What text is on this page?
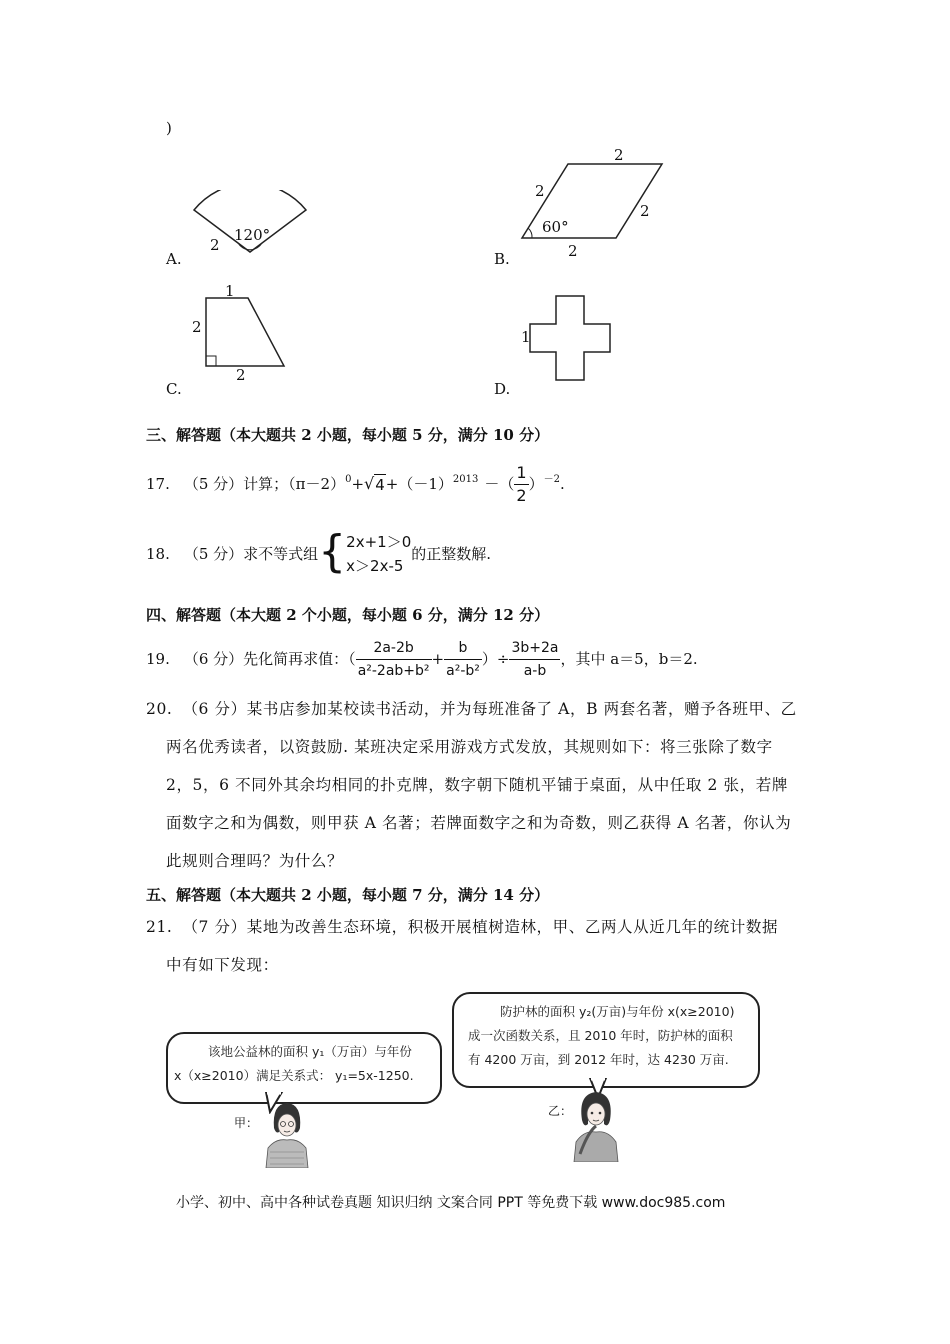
)
120°
2
A.
2
2
2
60°
2
B.
1
2
2
C.
1
D.
三、解答题（本大题共 2 小题，每小题 5 分，满分 10 分）
17. （5 分）计算；$(\pi-2)^0$ + √ $4 +(-1)^{2013}$ －（ $\frac{1}{2} )^{-2}$ .
18. （5 分）求不等式组 { 2x+1＞0
x＞2x-5
的正整数解.
四、解答题（本大题 2 个小题，每小题 6 分，满分 12 分）
19. （6 分）先化简再求值：（ $\frac{2a-2b}{\text{a²-2ab+b²}} + \frac{b}{\text{a²-b²}}$ ）÷ $\frac{3b+2a}{a-b}$ ，其中 a＝5，b＝2.
20. （6 分）某书店参加某校读书活动，并为每班准备了 A，B 两套名著，赠予各班甲、乙
两名优秀读者，以资鼓励. 某班决定采用游戏方式发放，其规则如下：将三张除了数字
2，5，6 不同外其余均相同的扑克牌，数字朝下随机平铺于桌面，从中任取 2 张，若牌
面数字之和为偶数，则甲获 A 名著；若牌面数字之和为奇数，则乙获得 A 名著，你认为
此规则合理吗？为什么？
五、解答题（本大题共 2 小题，每小题 7 分，满分 14 分）
21. （7 分）某地为改善生态环境，积极开展植树造林，甲、乙两人从近几年的统计数据
中有如下发现：
该地公益林的面积 y₁（万亩）与年份
x（x≥2010）满足关系式： y₁=5x-1250.
甲：
防护林的面积 y₂(万亩)与年份 x(x≥2010)
成一次函数关系，且 2010 年时，防护林的面积
有 4200 万亩，到 2012 年时，达 4230 万亩.
乙：
小学、初中、高中各种试卷真题 知识归纳 文案合同 PPT 等免费下载 www.doc985.com
